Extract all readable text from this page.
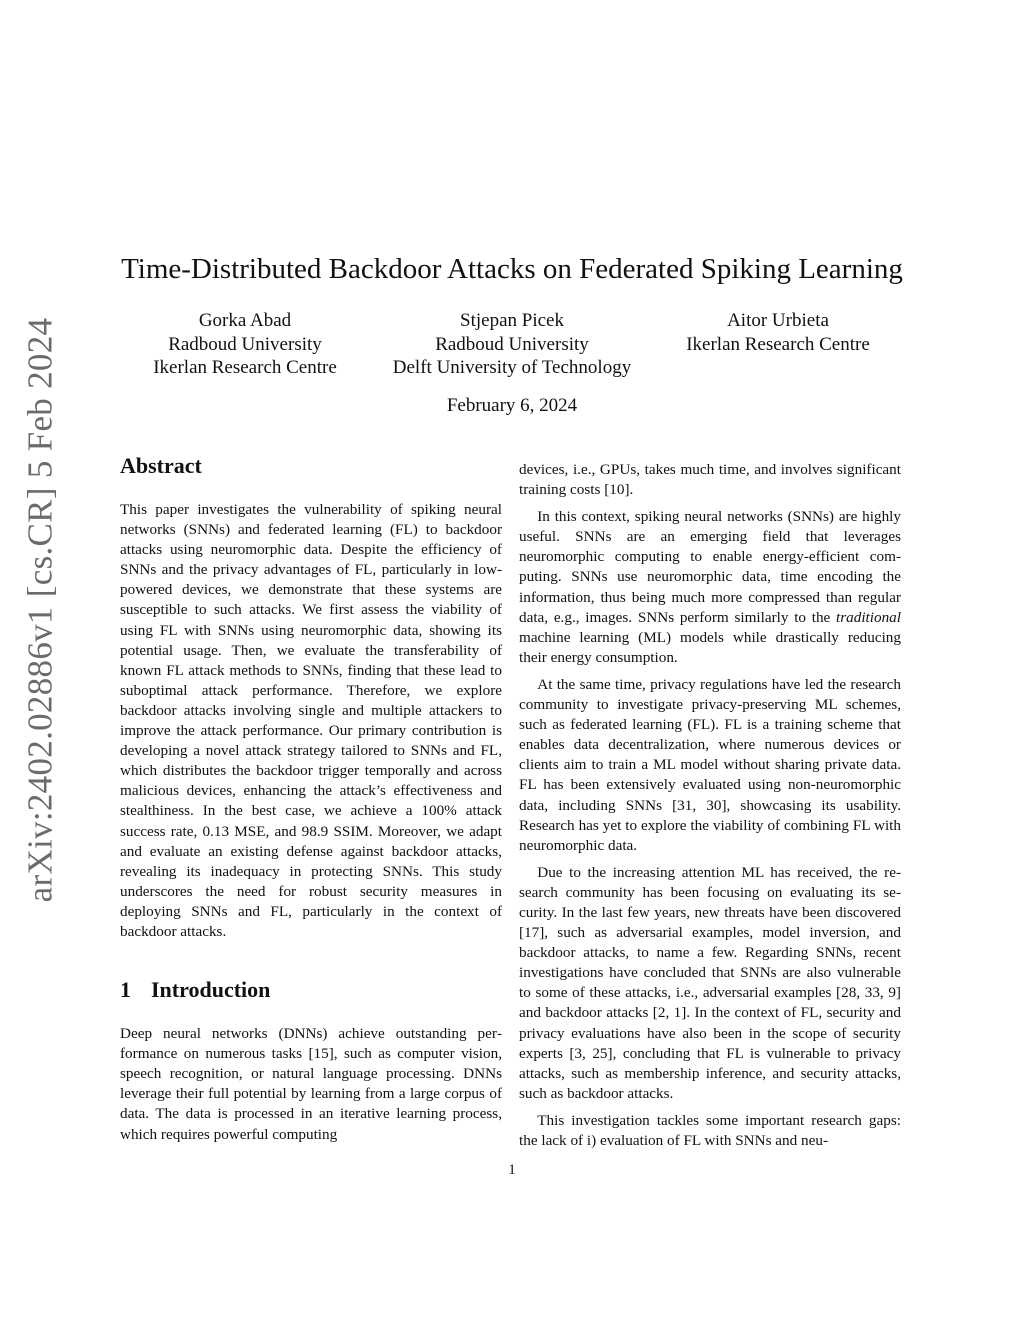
arXiv:2402.02886v1 [cs.CR] 5 Feb 2024
Time-Distributed Backdoor Attacks on Federated Spiking Learning
Gorka Abad
Radboud University
Ikerlan Research Centre
Stjepan Picek
Radboud University
Delft University of Technology
Aitor Urbieta
Ikerlan Research Centre
February 6, 2024
Abstract

This paper investigates the vulnerability of spiking neural networks (SNNs) and federated learning (FL) to backdoor attacks using neuromorphic data. Despite the efficiency of SNNs and the privacy advantages of FL, particularly in low-powered devices, we demonstrate that these systems are susceptible to such attacks. We first assess the viability of using FL with SNNs using neuromorphic data, showing its potential usage. Then, we evaluate the transferability of known FL attack methods to SNNs, finding that these lead to suboptimal attack performance. Therefore, we explore backdoor attacks involving single and multiple attackers to improve the attack performance. Our primary contribution is developing a novel attack strategy tailored to SNNs and FL, which distributes the backdoor trigger temporally and across malicious devices, enhancing the attack’s effectiveness and stealthiness. In the best case, we achieve a 100% attack success rate, 0.13 MSE, and 98.9 SSIM. Moreover, we adapt and evaluate an existing defense against backdoor attacks, revealing its inadequacy in protecting SNNs. This study underscores the need for robust security measures in deploying SNNs and FL, particularly in the context of backdoor attacks.

1 Introduction

Deep neural networks (DNNs) achieve outstanding performance on numerous tasks [15], such as computer vision, speech recognition, or natural language processing. DNNs leverage their full potential by learning from a large corpus of data. The data is processed in an iterative learning process, which requires powerful computing

devices, i.e., GPUs, takes much time, and involves significant training costs [10].

In this context, spiking neural networks (SNNs) are highly useful. SNNs are an emerging field that leverages neuromorphic computing to enable energy-efficient computing. SNNs use neuromorphic data, time encoding the information, thus being much more compressed than regular data, e.g., images. SNNs perform similarly to the traditional machine learning (ML) models while drastically reducing their energy consumption.

At the same time, privacy regulations have led the research community to investigate privacy-preserving ML schemes, such as federated learning (FL). FL is a training scheme that enables data decentralization, where numerous devices or clients aim to train a ML model without sharing private data. FL has been extensively evaluated using non-neuromorphic data, including SNNs [31, 30], showcasing its usability. Research has yet to explore the viability of combining FL with neuromorphic data.

Due to the increasing attention ML has received, the research community has been focusing on evaluating its security. In the last few years, new threats have been discovered [17], such as adversarial examples, model inversion, and backdoor attacks, to name a few. Regarding SNNs, recent investigations have concluded that SNNs are also vulnerable to some of these attacks, i.e., adversarial examples [28, 33, 9] and backdoor attacks [2, 1]. In the context of FL, security and privacy evaluations have also been in the scope of security experts [3, 25], concluding that FL is vulnerable to privacy attacks, such as membership inference, and security attacks, such as backdoor attacks.

This investigation tackles some important research gaps: the lack of i) evaluation of FL with SNNs and neu-

1
